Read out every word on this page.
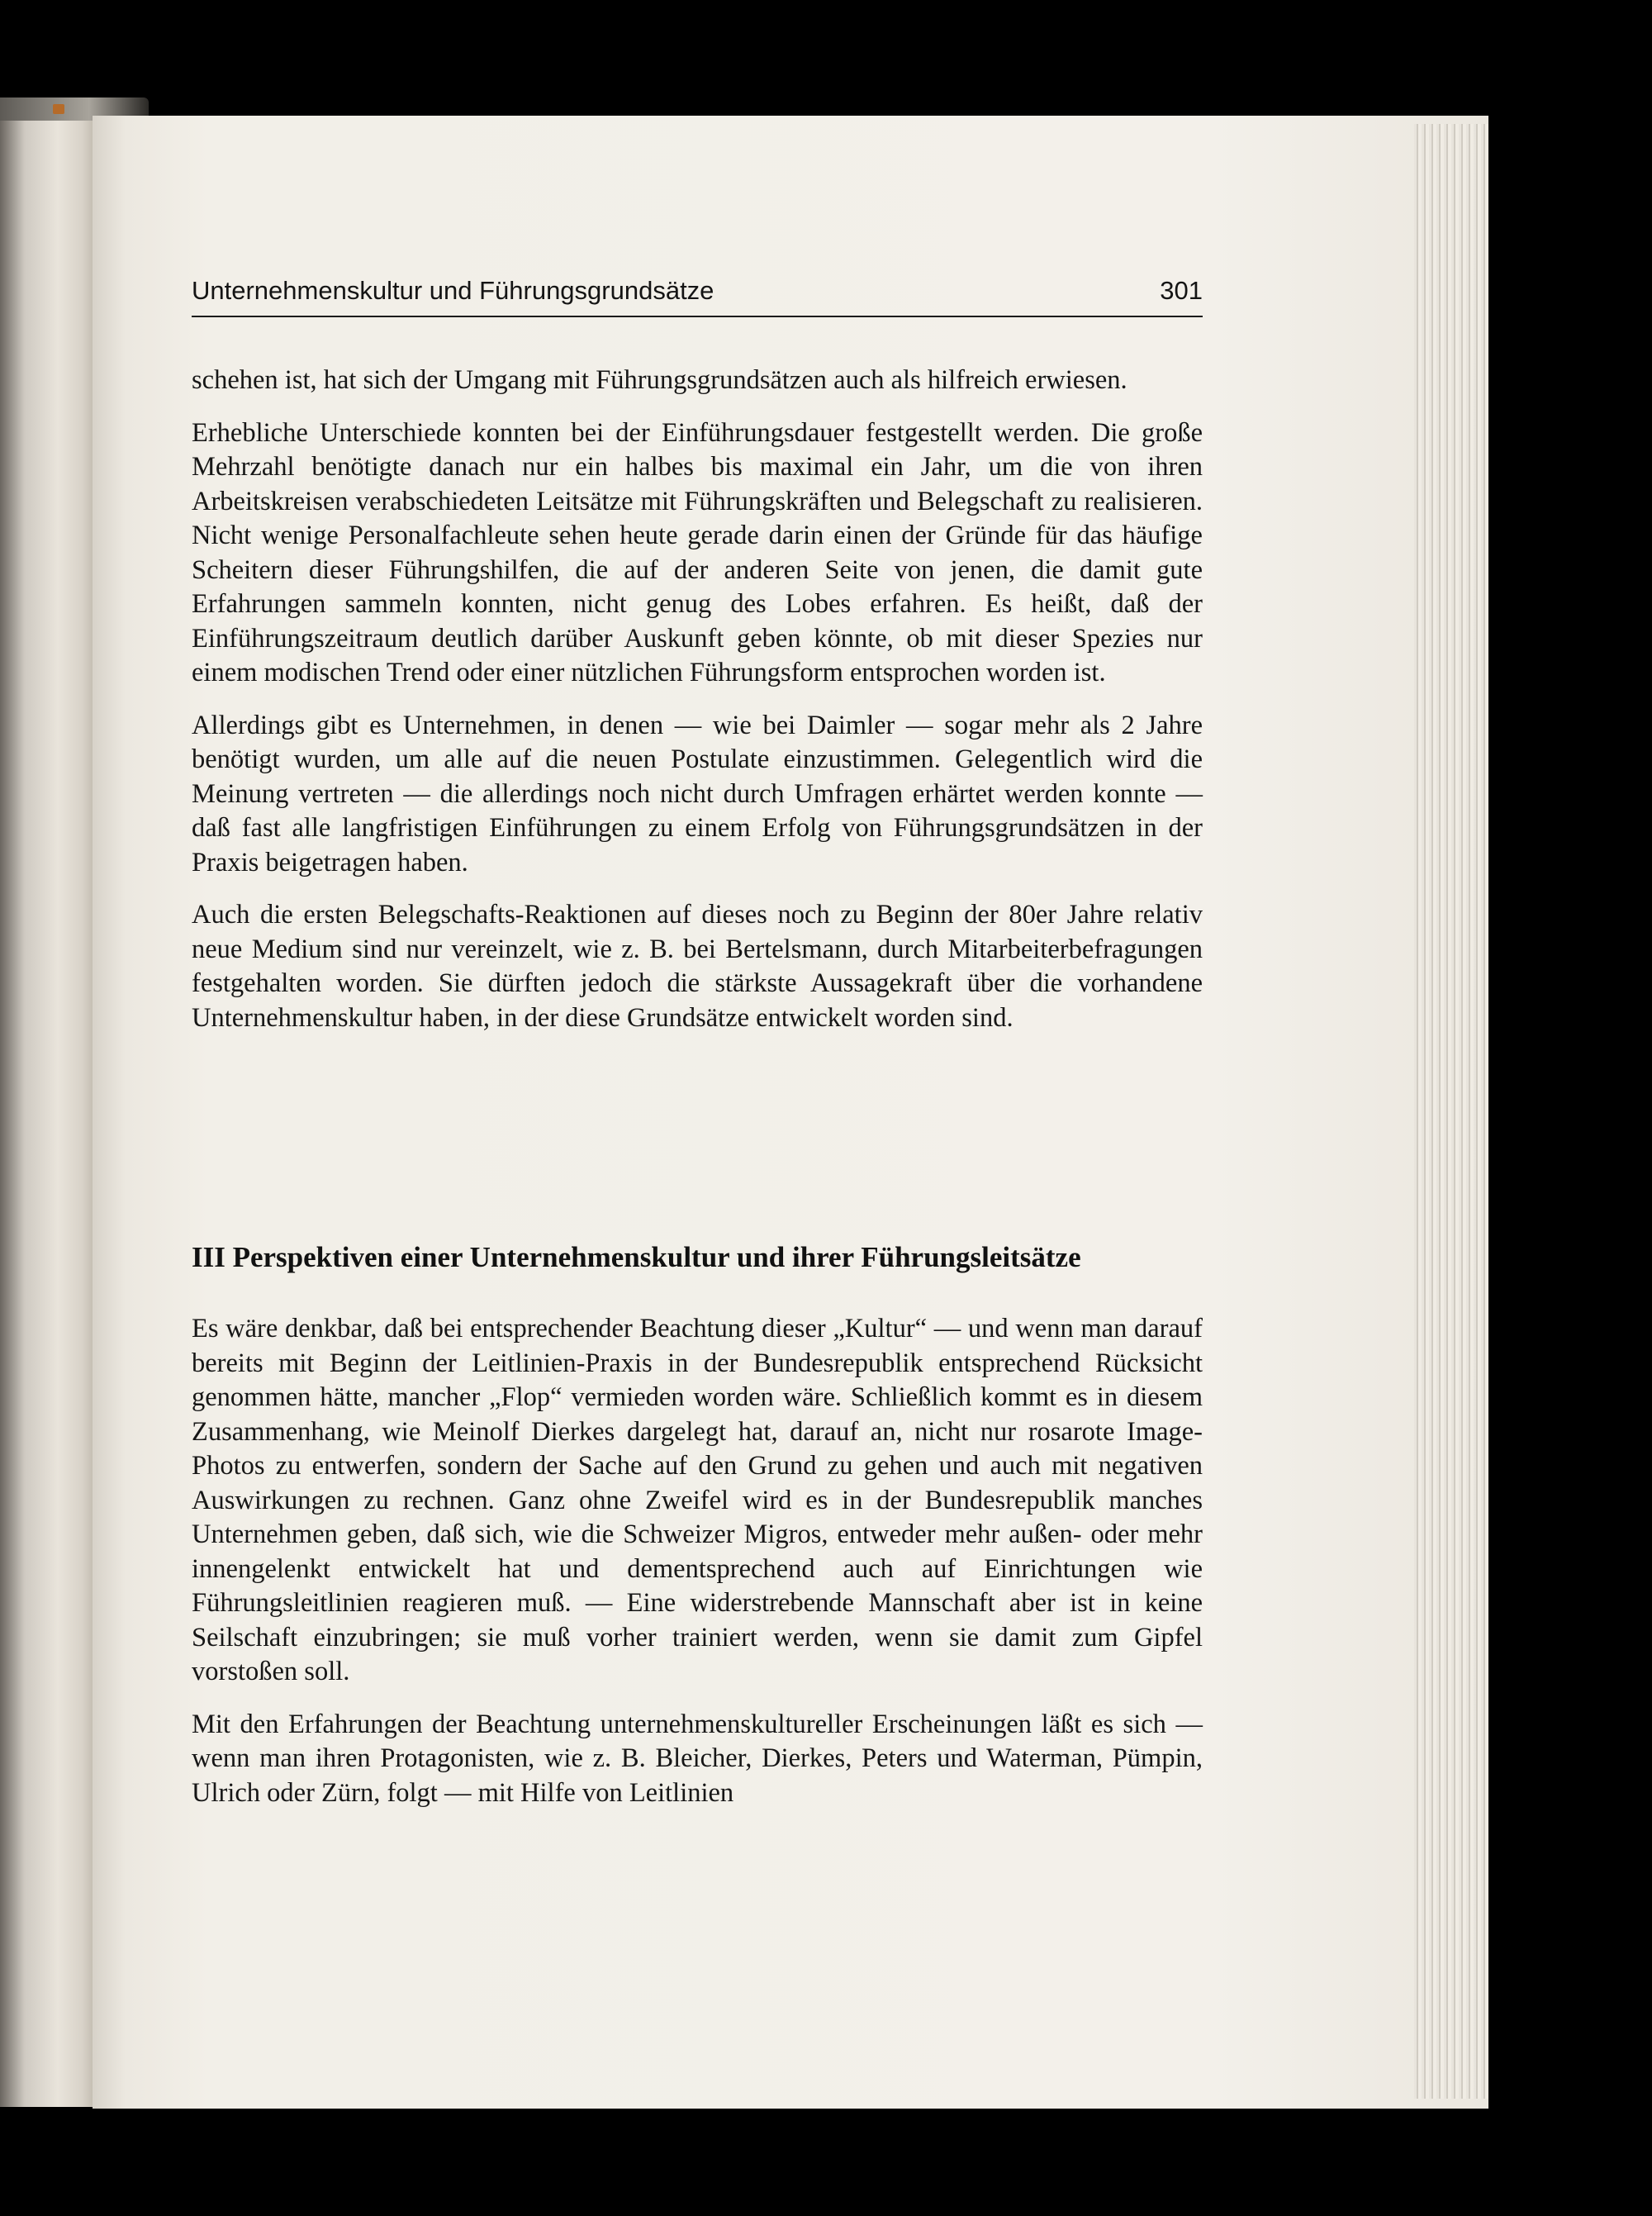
Unternehmenskultur und Führungsgrundsätze	301

schehen ist, hat sich der Umgang mit Führungsgrundsätzen auch als hilfreich erwiesen.

Erhebliche Unterschiede konnten bei der Einführungsdauer festgestellt werden. Die große Mehrzahl benötigte danach nur ein halbes bis maximal ein Jahr, um die von ihren Arbeitskreisen verabschiedeten Leitsätze mit Führungskräften und Belegschaft zu realisieren. Nicht wenige Personalfachleute sehen heute gerade darin einen der Gründe für das häufige Scheitern dieser Führungshilfen, die auf der anderen Seite von jenen, die damit gute Erfahrungen sammeln konnten, nicht genug des Lobes erfahren. Es heißt, daß der Einführungszeitraum deutlich darüber Auskunft geben könnte, ob mit dieser Spezies nur einem modischen Trend oder einer nützlichen Führungsform entsprochen worden ist.

Allerdings gibt es Unternehmen, in denen — wie bei Daimler — sogar mehr als 2 Jahre benötigt wurden, um alle auf die neuen Postulate einzustimmen. Gelegentlich wird die Meinung vertreten — die allerdings noch nicht durch Umfragen erhärtet werden konnte — daß fast alle langfristigen Einführungen zu einem Erfolg von Führungsgrundsätzen in der Praxis beigetragen haben.

Auch die ersten Belegschafts-Reaktionen auf dieses noch zu Beginn der 80er Jahre relativ neue Medium sind nur vereinzelt, wie z. B. bei Bertelsmann, durch Mitarbeiterbefragungen festgehalten worden. Sie dürften jedoch die stärkste Aussagekraft über die vorhandene Unternehmenskultur haben, in der diese Grundsätze entwickelt worden sind.

III Perspektiven einer Unternehmenskultur und ihrer Führungsleitsätze

Es wäre denkbar, daß bei entsprechender Beachtung dieser „Kultur“ — und wenn man darauf bereits mit Beginn der Leitlinien-Praxis in der Bundesrepublik entsprechend Rücksicht genommen hätte, mancher „Flop“ vermieden worden wäre. Schließlich kommt es in diesem Zusammenhang, wie Meinolf Dierkes dargelegt hat, darauf an, nicht nur rosarote Image-Photos zu entwerfen, sondern der Sache auf den Grund zu gehen und auch mit negativen Auswirkungen zu rechnen. Ganz ohne Zweifel wird es in der Bundesrepublik manches Unternehmen geben, daß sich, wie die Schweizer Migros, entweder mehr außen- oder mehr innengelenkt entwickelt hat und dementsprechend auch auf Einrichtungen wie Führungsleitlinien reagieren muß. — Eine widerstrebende Mannschaft aber ist in keine Seilschaft einzubringen; sie muß vorher trainiert werden, wenn sie damit zum Gipfel vorstoßen soll.

Mit den Erfahrungen der Beachtung unternehmenskultureller Erscheinungen läßt es sich — wenn man ihren Protagonisten, wie z. B. Bleicher, Dierkes, Peters und Waterman, Pümpin, Ulrich oder Zürn, folgt — mit Hilfe von Leitlinien
